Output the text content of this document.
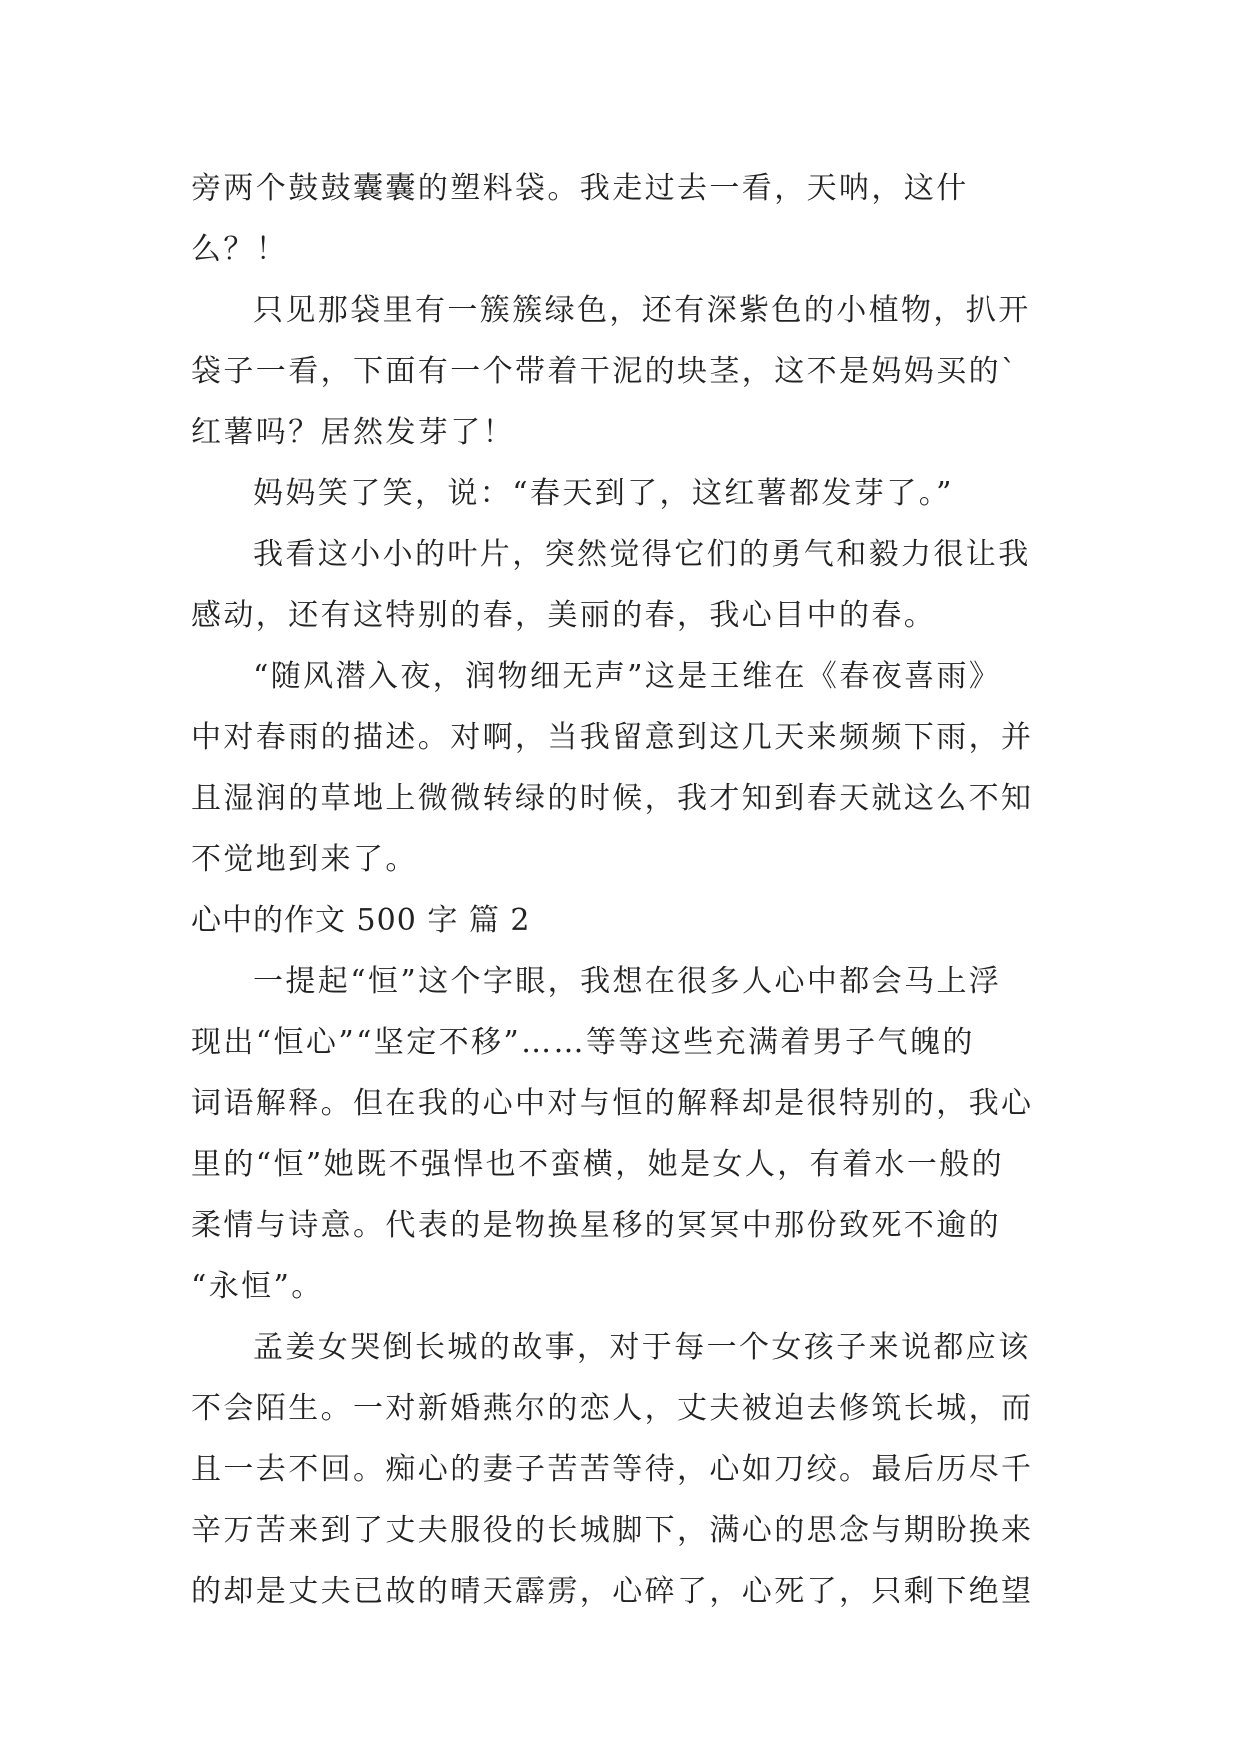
旁两个鼓鼓囊囊的塑料袋。我走过去一看，天呐，这什
么？！
只见那袋里有一簇簇绿色，还有深紫色的小植物，扒开
袋子一看，下面有一个带着干泥的块茎，这不是妈妈买的`
红薯吗？居然发芽了！
妈妈笑了笑，说：“春天到了，这红薯都发芽了。”
我看这小小的叶片，突然觉得它们的勇气和毅力很让我
感动，还有这特别的春，美丽的春，我心目中的春。
“随风潜入夜，润物细无声”这是王维在《春夜喜雨》
中对春雨的描述。对啊，当我留意到这几天来频频下雨，并
且湿润的草地上微微转绿的时候，我才知到春天就这么不知
不觉地到来了。
心中的作文 500 字 篇 2
一提起“恒”这个字眼，我想在很多人心中都会马上浮
现出“恒心”“坚定不移”……等等这些充满着男子气魄的
词语解释。但在我的心中对与恒的解释却是很特别的，我心
里的“恒”她既不强悍也不蛮横，她是女人，有着水一般的
柔情与诗意。代表的是物换星移的冥冥中那份致死不逾的
“永恒”。
孟姜女哭倒长城的故事，对于每一个女孩子来说都应该
不会陌生。一对新婚燕尔的恋人，丈夫被迫去修筑长城，而
且一去不回。痴心的妻子苦苦等待，心如刀绞。最后历尽千
辛万苦来到了丈夫服役的长城脚下，满心的思念与期盼换来
的却是丈夫已故的晴天霹雳，心碎了，心死了，只剩下绝望
